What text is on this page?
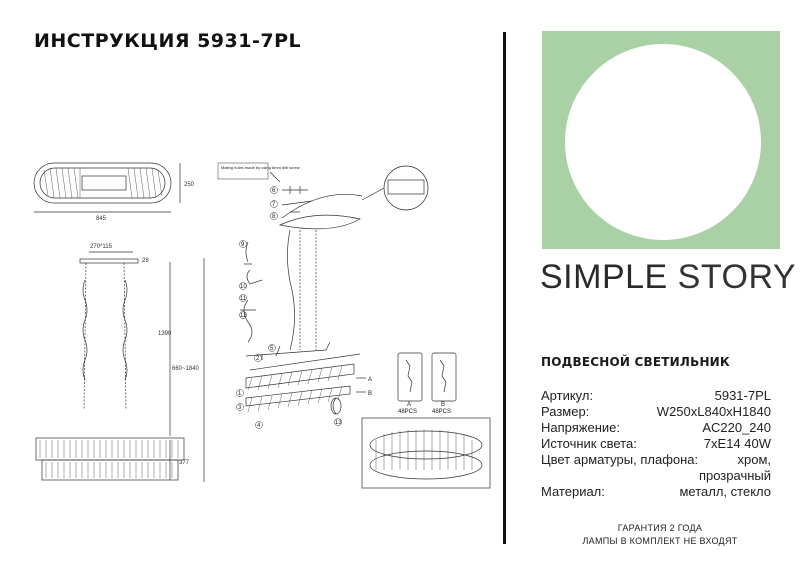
ИНСТРУКЦИЯ 5931-7PL
250
845
270*115
28
1390
660~1840
377
6
7
8
9
10
11
12
2
1
3
4
5
13
Mating holes made by using 6mm drill screw
A
B
A
48PCS
B
48PCS
SIMPLE STORY
ПОДВЕСНОЙ СВЕТИЛЬНИК
Артикул:	5931-7PL
Размер:	W250xL840xH1840
Напряжение:	AC220_240
Источник света:	7xE14 40W
Цвет арматуры, плафона:	хром,
прозрачный
Материал:	металл, стекло
ГАРАНТИЯ 2 ГОДА
ЛАМПЫ В КОМПЛЕКТ НЕ ВХОДЯТ
